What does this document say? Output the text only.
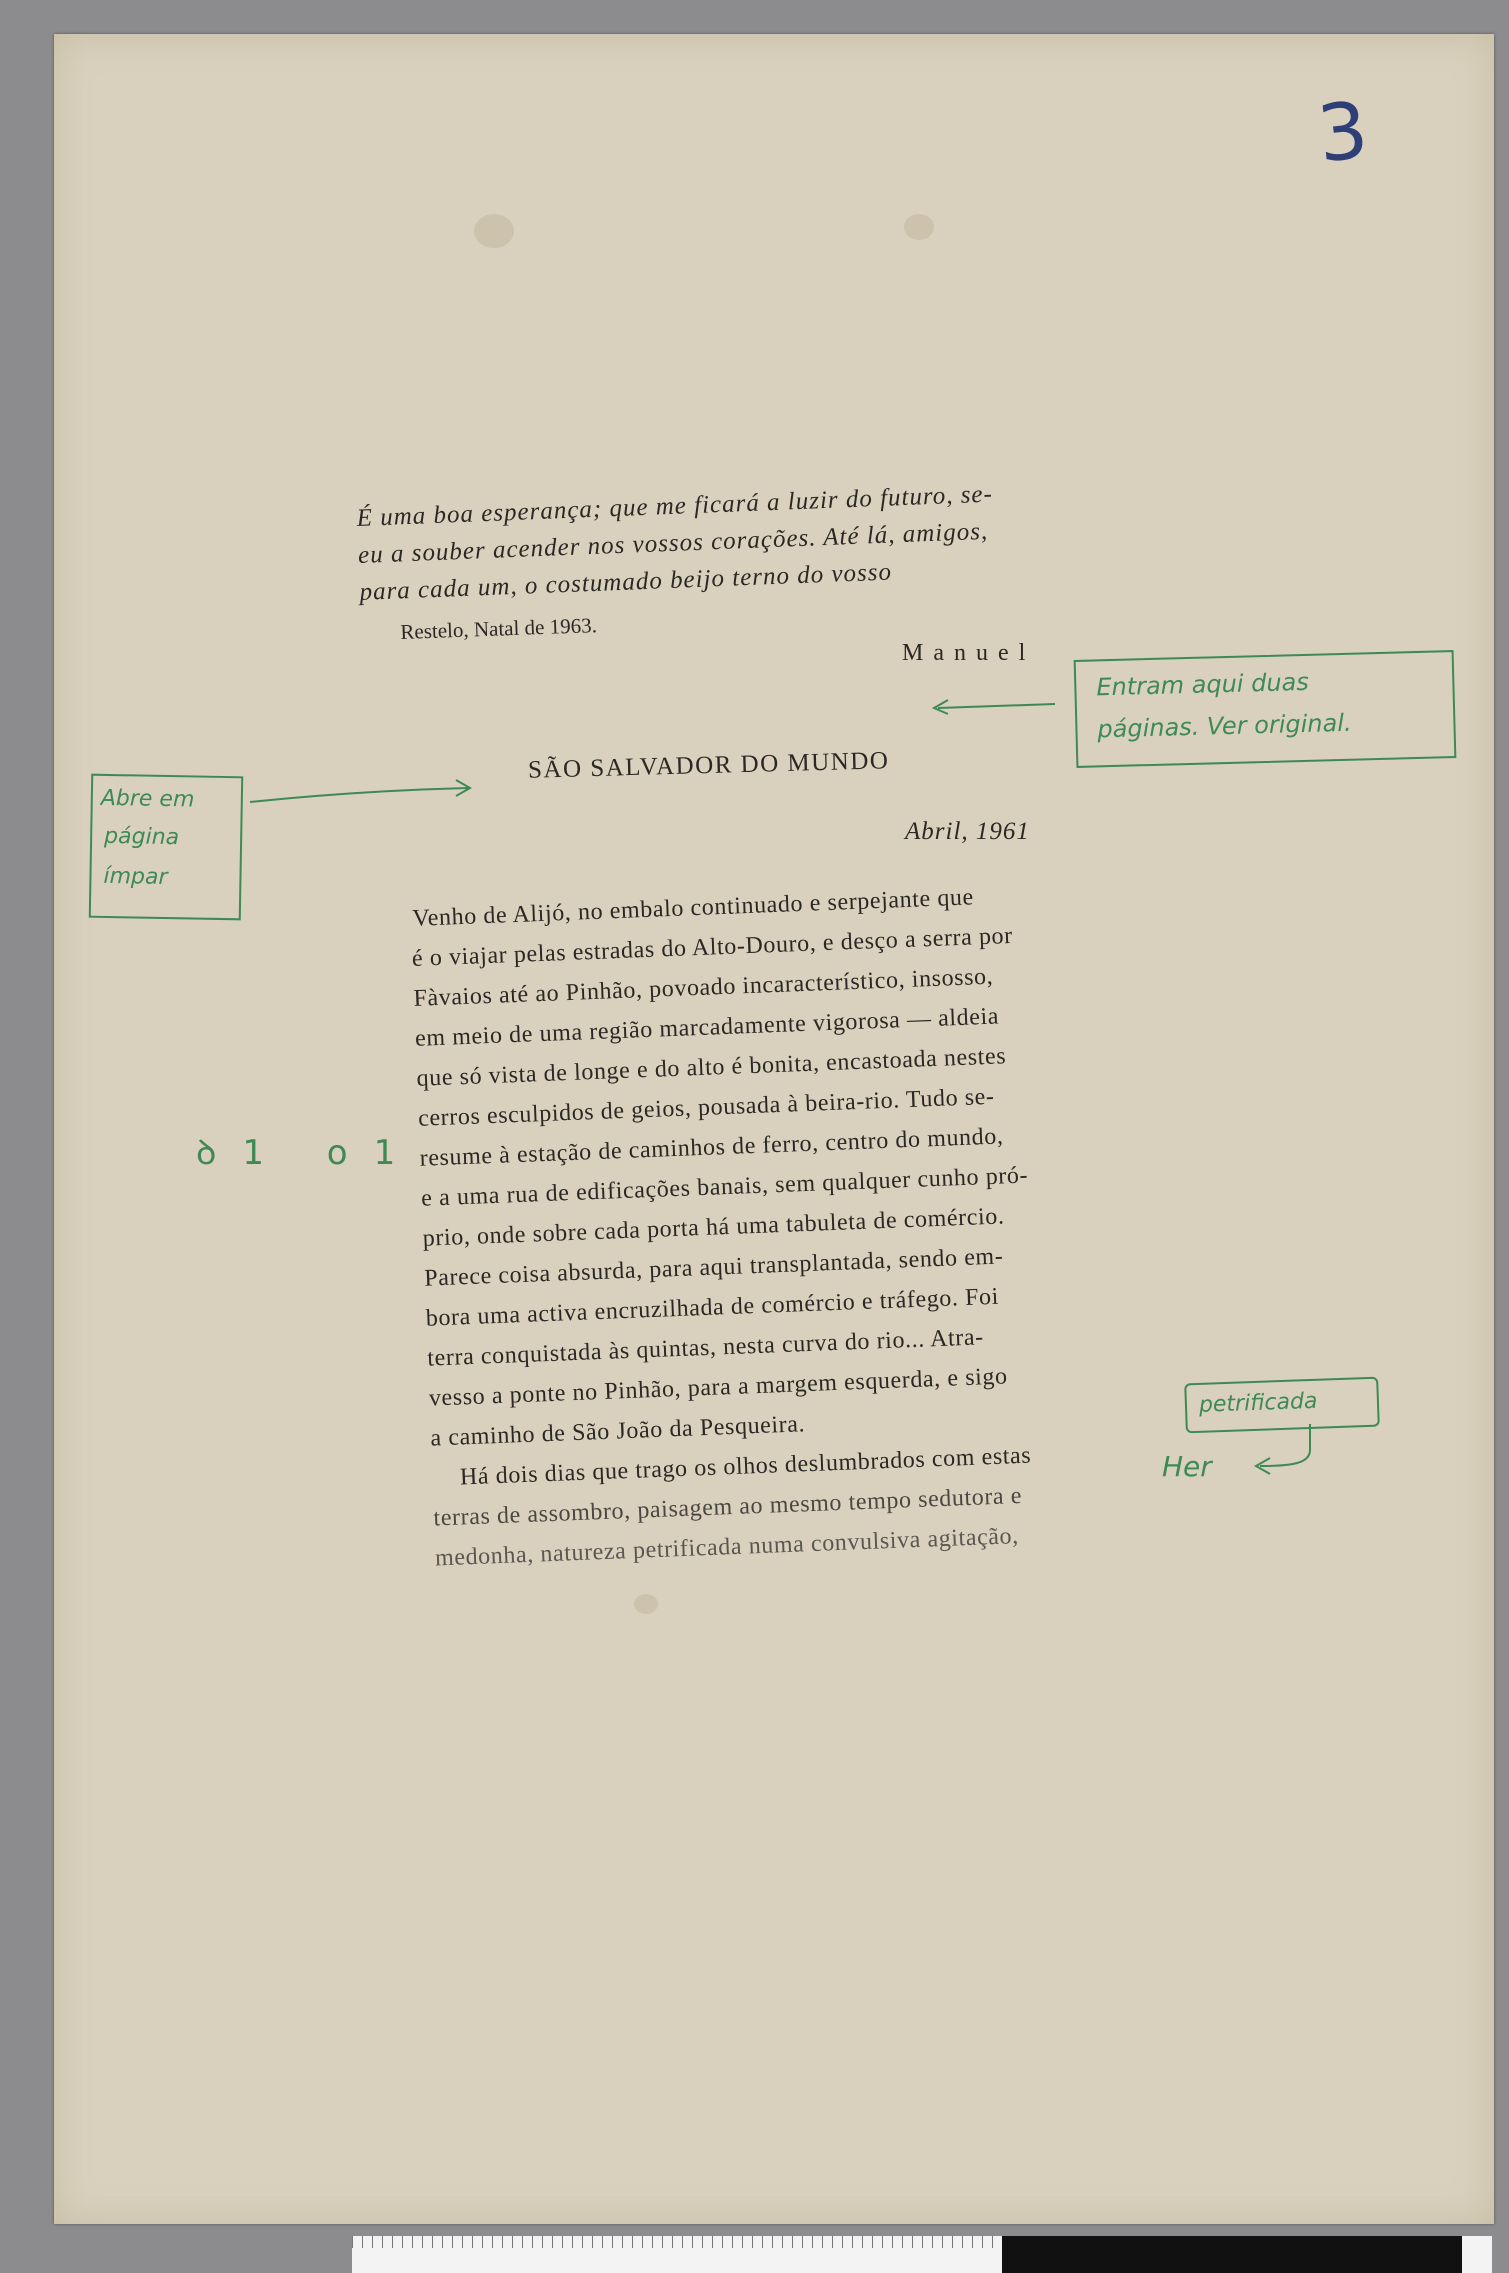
3
É uma boa esperança; que me ficará a luzir do futuro, se-
eu a souber acender nos vossos corações. Até lá, amigos,
para cada um, o costumado beijo terno do vosso
Restelo, Natal de 1963.
M a n u e l
Entram aqui duas
páginas. Ver original.
Abre em
página
ímpar
SÃO SALVADOR DO MUNDO
Abril, 1961
ꝺ1 o1
Venho de Alijó, no embalo continuado e serpejante que
é o viajar pelas estradas do Alto-Douro, e desço a serra por
Fàvaios até ao Pinhão, povoado incaracterístico, insosso,
em meio de uma região marcadamente vigorosa — aldeia
que só vista de longe e do alto é bonita, encastoada nestes
cerros esculpidos de geios, pousada à beira-rio. Tudo se-
resume à estação de caminhos de ferro, centro do mundo,
e a uma rua de edificações banais, sem qualquer cunho pró-
prio, onde sobre cada porta há uma tabuleta de comércio.
Parece coisa absurda, para aqui transplantada, sendo em-
bora uma activa encruzilhada de comércio e tráfego. Foi
terra conquistada às quintas, nesta curva do rio... Atra-
vesso a ponte no Pinhão, para a margem esquerda, e sigo
a caminho de São João da Pesqueira.
Há dois dias que trago os olhos deslumbrados com estas
terras de assombro, paisagem ao mesmo tempo sedutora e
medonha, natureza petrificada numa convulsiva agitação,
petrificada
Her
